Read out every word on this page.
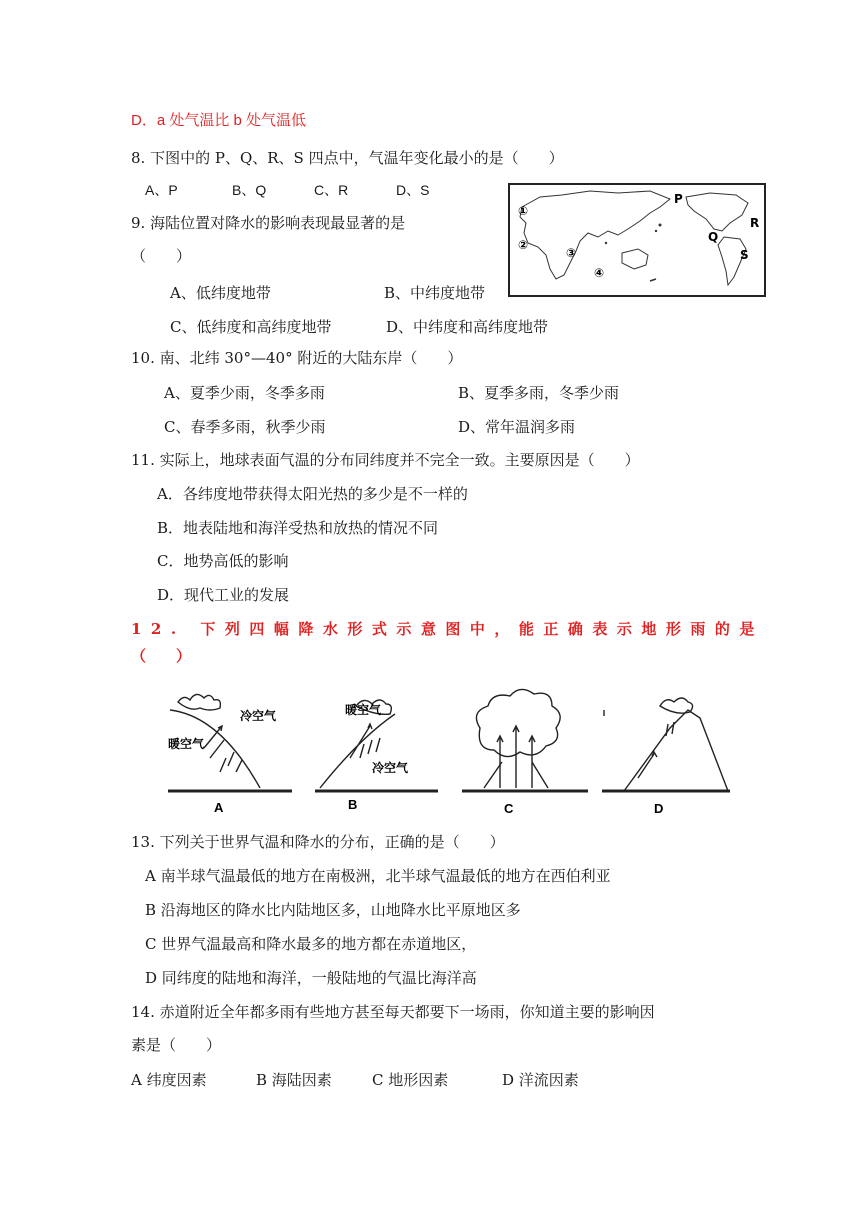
D．a 处气温比 b 处气温低
8. 下图中的 P、Q、R、S 四点中，气温年变化最小的是（　　）
A、P	B、Q	C、R	D、S
P
Q
R
S
①
②
③
④
9. 海陆位置对降水的影响表现最显著的是
（　　）
A、低纬度地带	B、中纬度地带
C、低纬度和高纬度地带	D、中纬度和高纬度地带
10. 南、北纬 30°—40° 附近的大陆东岸（　　）
A、夏季少雨，冬季多雨	B、夏季多雨，冬季少雨
C、春季多雨，秋季少雨	D、常年温润多雨
11. 实际上，地球表面气温的分布同纬度并不完全一致。主要原因是（　　）
A．各纬度地带获得太阳光热的多少是不一样的
B．地表陆地和海洋受热和放热的情况不同
C．地势高低的影响
D．现代工业的发展
12. 下列四幅降水形式示意图中，能正确表示地形雨的是
（　　）
冷空气
暖空气
暖空气
冷空气
A	B	C	D
13. 下列关于世界气温和降水的分布，正确的是（　　）
A 南半球气温最低的地方在南极洲，北半球气温最低的地方在西伯利亚
B 沿海地区的降水比内陆地区多，山地降水比平原地区多
C 世界气温最高和降水最多的地方都在赤道地区，
D 同纬度的陆地和海洋，一般陆地的气温比海洋高
14. 赤道附近全年都多雨有些地方甚至每天都要下一场雨，你知道主要的影响因
素是（　　）
A 纬度因素	B 海陆因素	C 地形因素	D 洋流因素
